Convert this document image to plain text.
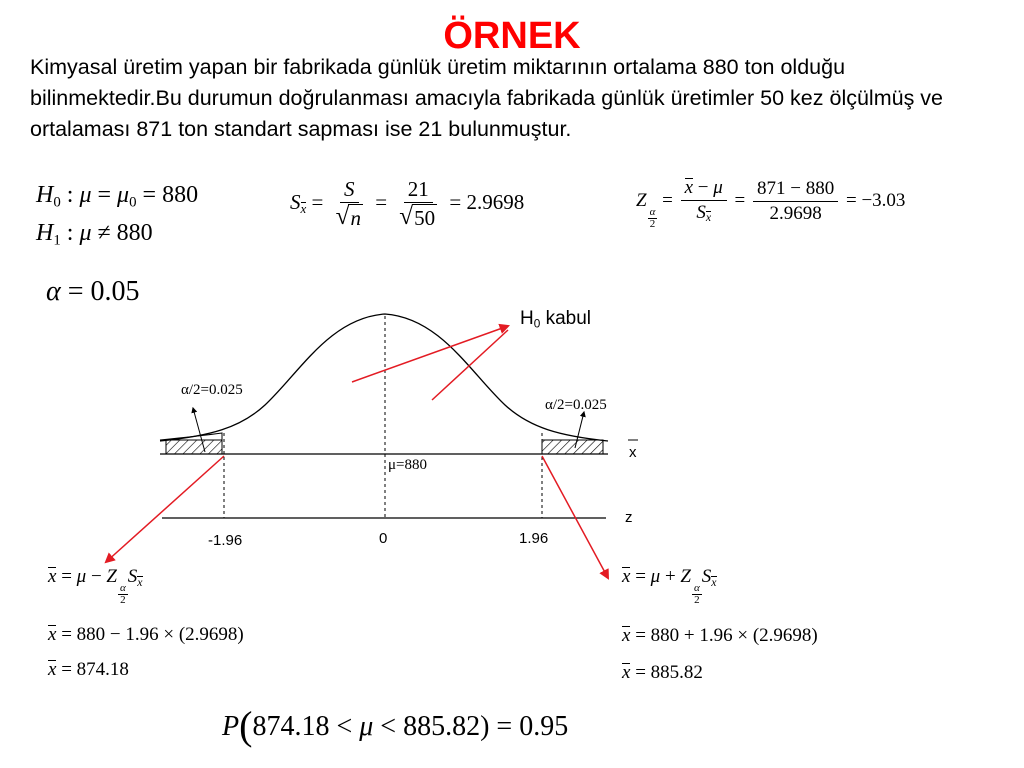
ÖRNEK
Kimyasal üretim yapan bir fabrikada günlük üretim miktarının ortalama 880 ton olduğu bilinmektedir.Bu durumun doğrulanması amacıyla fabrikada günlük üretimler 50 kez ölçülmüş ve ortalaması 871 ton standart sapması ise 21 bulunmuştur.
$H_0$ : $\mu = \mu_0 = 880$
$H_1$ : μ ≠ 880
α = 0.05
$S_x = \frac{S}{√ n} = \frac{21}{√ 50} = 2.9698$	Z
$\frac{\alpha}{2}$
= $\frac{x - \mu}{S_x} = \frac{871 - 880}{2.9698} = -3.03$
$H_0$ kabul
α/2=0.025
α/2=0.025
μ=880
x
z
-1.96	0	1.96
x = μ − Z
$\frac{\alpha}{2}$
$S_x$
x = 880 − 1.96 × (2.9698)
x = 874.18
x = μ + Z
$\frac{\alpha}{2}$
$S_x$
x = 880 + 1.96 × (2.9698)
x = 885.82
P(874.18 < μ < 885.82) = 0.95
